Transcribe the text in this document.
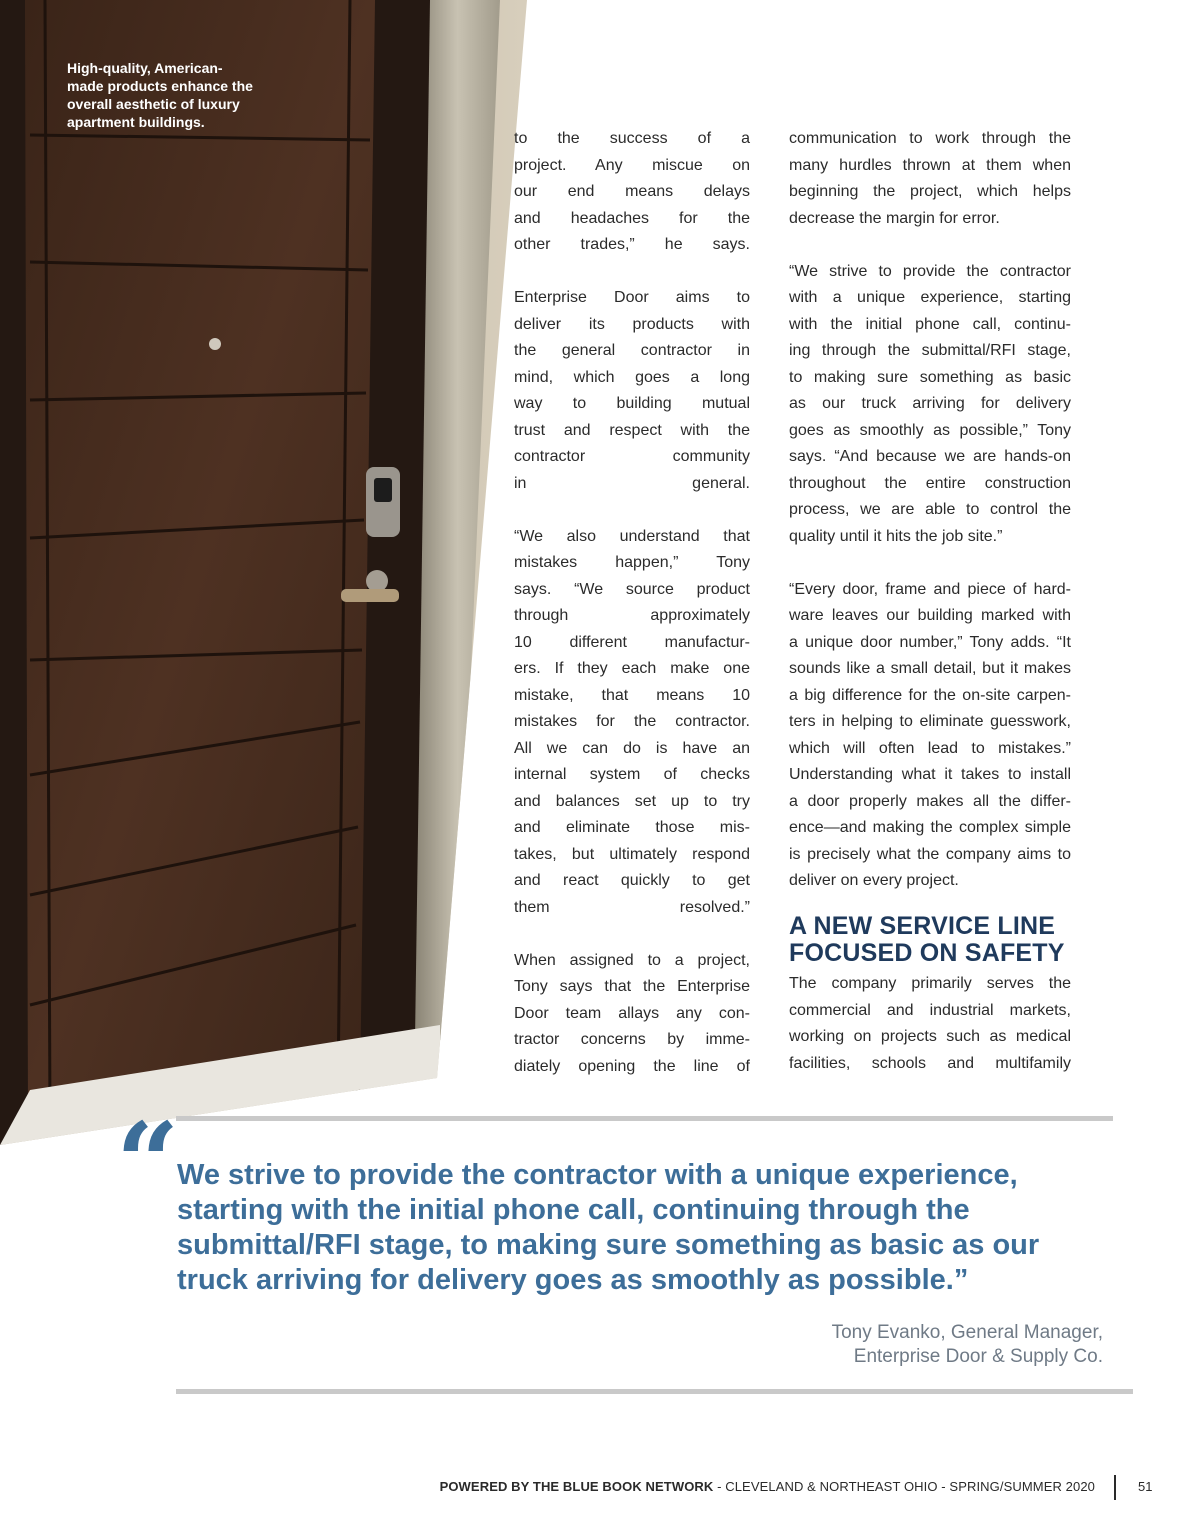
High-quality, American-
made products enhance the
overall aesthetic of luxury
apartment buildings.
to the success of a
project. Any miscue on
our end means delays
and headaches for the
other trades,” he says.
Enterprise Door aims to
deliver its products with
the general contractor in
mind, which goes a long
way to building mutual
trust and respect with the
contractor community
in general.
“We also understand that
mistakes happen,” Tony
says. “We source product
through approximately
10 different manufactur-
ers. If they each make one
mistake, that means 10
mistakes for the contractor.
All we can do is have an
internal system of checks
and balances set up to try
and eliminate those mis-
takes, but ultimately respond
and react quickly to get
them resolved.”
When assigned to a project,
Tony says that the Enterprise
Door team allays any con-
tractor concerns by imme-
diately opening the line of
communication to work through the
many hurdles thrown at them when
beginning the project, which helps
decrease the margin for error.
“We strive to provide the contractor
with a unique experience, starting
with the initial phone call, continu-
ing through the submittal/RFI stage,
to making sure something as basic
as our truck arriving for delivery
goes as smoothly as possible,” Tony
says. “And because we are hands-on
throughout the entire construction
process, we are able to control the
quality until it hits the job site.”
“Every door, frame and piece of hard-
ware leaves our building marked with
a unique door number,” Tony adds. “It
sounds like a small detail, but it makes
a big difference for the on-site carpen-
ters in helping to eliminate guesswork,
which will often lead to mistakes.”
Understanding what it takes to install
a door properly makes all the differ-
ence—and making the complex simple
is precisely what the company aims to
deliver on every project.
A NEW SERVICE LINE
FOCUSED ON SAFETY
The company primarily serves the
commercial and industrial markets,
working on projects such as medical
facilities, schools and multifamily
“
We strive to provide the contractor with a unique experience,
starting with the initial phone call, continuing through the
submittal/RFI stage, to making sure something as basic as our
truck arriving for delivery goes as smoothly as possible.”
Tony Evanko, General Manager,
Enterprise Door & Supply Co.
POWERED BY THE BLUE BOOK NETWORK - CLEVELAND & NORTHEAST OHIO - SPRING/SUMMER 2020	51
